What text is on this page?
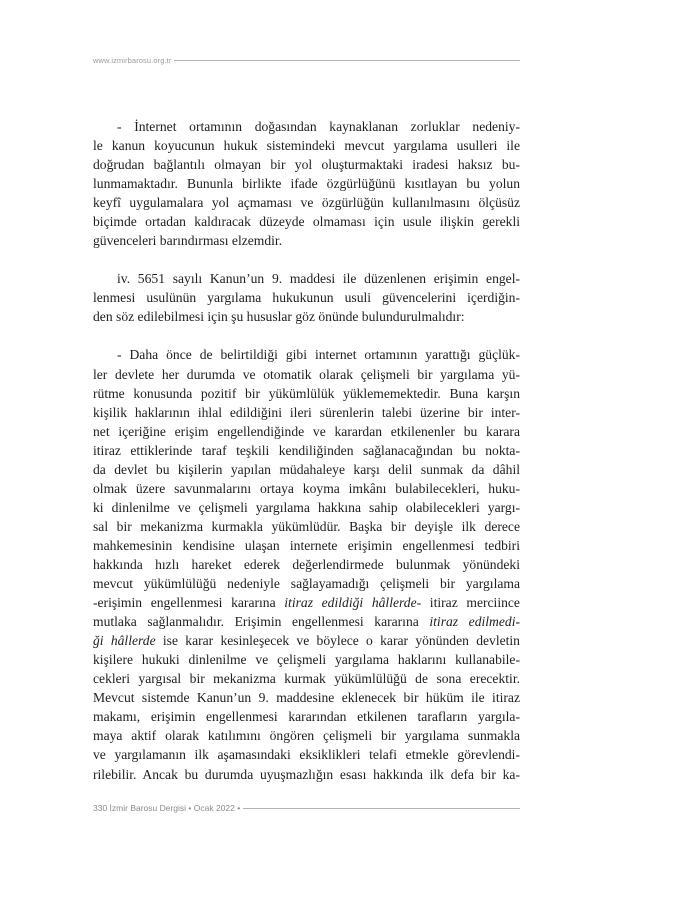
www.izmirbarosu.org.tr
- İnternet ortamının doğasından kaynaklanan zorluklar nedeniy-
le kanun koyucunun hukuk sistemindeki mevcut yargılama usulleri ile
doğrudan bağlantılı olmayan bir yol oluşturmaktaki iradesi haksız bu-
lunmamaktadır. Bununla birlikte ifade özgürlüğünü kısıtlayan bu yolun
keyfî uygulamalara yol açmaması ve özgürlüğün kullanılmasını ölçüsüz
biçimde ortadan kaldıracak düzeyde olmaması için usule ilişkin gerekli
güvenceleri barındırması elzemdir.
iv. 5651 sayılı Kanun’un 9. maddesi ile düzenlenen erişimin engel-
lenmesi usulünün yargılama hukukunun usuli güvencelerini içerdiğin-
den söz edilebilmesi için şu hususlar göz önünde bulundurulmalıdır:
- Daha önce de belirtildiği gibi internet ortamının yarattığı güçlük-
ler devlete her durumda ve otomatik olarak çelişmeli bir yargılama yü-
rütme konusunda pozitif bir yükümlülük yüklememektedir. Buna karşın
kişilik haklarının ihlal edildiğini ileri sürenlerin talebi üzerine bir inter-
net içeriğine erişim engellendiğinde ve karardan etkilenenler bu karara
itiraz ettiklerinde taraf teşkili kendiliğinden sağlanacağından bu nokta-
da devlet bu kişilerin yapılan müdahaleye karşı delil sunmak da dâhil
olmak üzere savunmalarını ortaya koyma imkânı bulabilecekleri, huku-
ki dinlenilme ve çelişmeli yargılama hakkına sahip olabilecekleri yargı-
sal bir mekanizma kurmakla yükümlüdür. Başka bir deyişle ilk derece
mahkemesinin kendisine ulaşan internete erişimin engellenmesi tedbiri
hakkında hızlı hareket ederek değerlendirmede bulunmak yönündeki
mevcut yükümlülüğü nedeniyle sağlayamadığı çelişmeli bir yargılama
-erişimin engellenmesi kararına itiraz edildiği hâllerde- itiraz merciince
mutlaka sağlanmalıdır. Erişimin engellenmesi kararına itiraz edilmedi-
ği hâllerde ise karar kesinleşecek ve böylece o karar yönünden devletin
kişilere hukuki dinlenilme ve çelişmeli yargılama haklarını kullanabile-
cekleri yargısal bir mekanizma kurmak yükümlülüğü de sona erecektir.
Mevcut sistemde Kanun’un 9. maddesine eklenecek bir hüküm ile itiraz
makamı, erişimin engellenmesi kararından etkilenen tarafların yargıla-
maya aktif olarak katılımını öngören çelişmeli bir yargılama sunmakla
ve yargılamanın ilk aşamasındaki eksiklikleri telafi etmekle görevlendi-
rilebilir. Ancak bu durumda uyuşmazlığın esası hakkında ilk defa bir ka-
330 İzmir Barosu Dergisi • Ocak 2022 •
